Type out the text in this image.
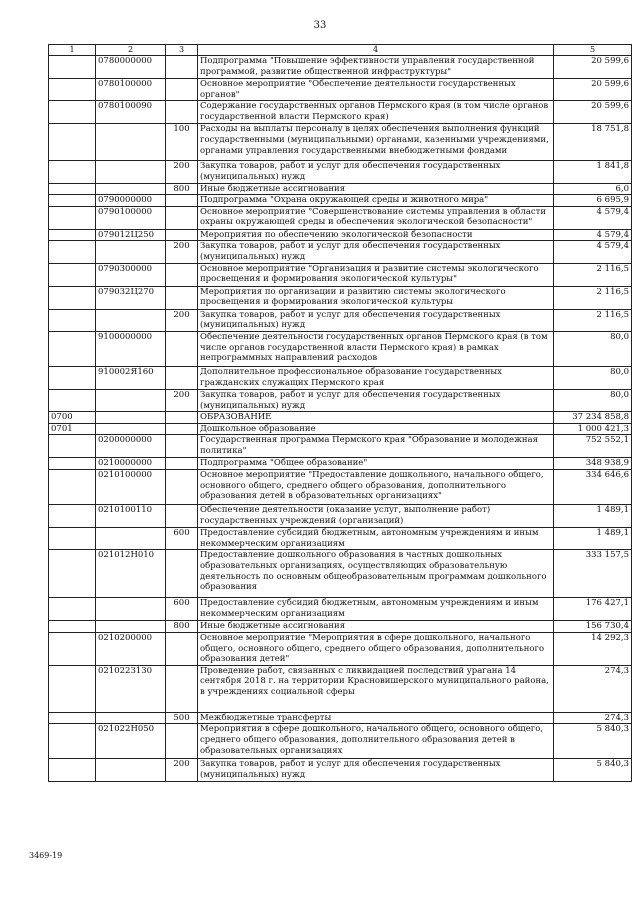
33
1	2	3	4	5
	0780000000		Подпрограмма "Повышение эффективности управления государственной программой, развитие общественной инфраструктуры"	20 599,6
	0780100000		Основное мероприятие "Обеспечение деятельности государственных органов"	20 599,6
	0780100090		Содержание государственных органов Пермского края (в том числе органов государственной власти Пермского края)	20 599,6
		100	Расходы на выплаты персоналу в целях обеспечения выполнения функций государственными (муниципальными) органами, казенными учреждениями, органами управления государственными внебюджетными фондами	18 751,8
		200	Закупка товаров, работ и услуг для обеспечения государственных (муниципальных) нужд	1 841,8
		800	Иные бюджетные ассигнования	6,0
	0790000000		Подпрограмма "Охрана окружающей среды и животного мира"	6 695,9
	0790100000		Основное мероприятие "Совершенствование системы управления в области охраны окружающей среды и обеспечения экологической безопасности"	4 579,4
	079012Ц250		Мероприятия по обеспечению экологической безопасности	4 579,4
		200	Закупка товаров, работ и услуг для обеспечения государственных (муниципальных) нужд	4 579,4
	0790300000		Основное мероприятие "Организация и развитие системы экологического просвещения и формирования экологической культуры"	2 116,5
	079032Ц270		Мероприятия по организации и развитию системы экологического просвещения и формирования экологической культуры	2 116,5
		200	Закупка товаров, работ и услуг для обеспечения государственных (муниципальных) нужд	2 116,5
	9100000000		Обеспечение деятельности государственных органов Пермского края (в том числе органов государственной власти Пермского края) в рамках непрограммных направлений расходов	80,0
	910002Я160		Дополнительное профессиональное образование государственных гражданских служащих Пермского края	80,0
		200	Закупка товаров, работ и услуг для обеспечения государственных (муниципальных) нужд	80,0
0700			ОБРАЗОВАНИЕ	37 234 858,8
0701			Дошкольное образование	1 000 421,3
	0200000000		Государственная программа Пермского края "Образование и молодежная политика"	752 552,1
	0210000000		Подпрограмма "Общее образование"	348 938,9
	0210100000		Основное мероприятие "Предоставление дошкольного, начального общего, основного общего, среднего общего образования, дополнительного образования детей в образовательных организациях"	334 646,6
	0210100110		Обеспечение деятельности (оказание услуг, выполнение работ) государственных учреждений (организаций)	1 489,1
		600	Предоставление субсидий бюджетным, автономным учреждениям и иным некоммерческим организациям	1 489,1
	021012Н010		Предоставление дошкольного образования в частных дошкольных образовательных организациях, осуществляющих образовательную деятельность по основным общеобразовательным программам дошкольного образования	333 157,5
		600	Предоставление субсидий бюджетным, автономным учреждениям и иным некоммерческим организациям	176 427,1
		800	Иные бюджетные ассигнования	156 730,4
	0210200000		Основное мероприятие "Мероприятия в сфере дошкольного, начального общего, основного общего, среднего общего образования, дополнительного образования детей"	14 292,3
	0210223130		Проведение работ, связанных с ликвидацией последствий урагана 14 сентября 2018 г. на территории Красновишерского муниципального района, в учреждениях социальной сферы	274,3
		500	Межбюджетные трансферты	274,3
	021022Н050		Мероприятия в сфере дошкольного, начального общего, основного общего, среднего общего образования, дополнительного образования детей в образовательных организациях	5 840,3
		200	Закупка товаров, работ и услуг для обеспечения государственных (муниципальных) нужд	5 840,3
3469-19
